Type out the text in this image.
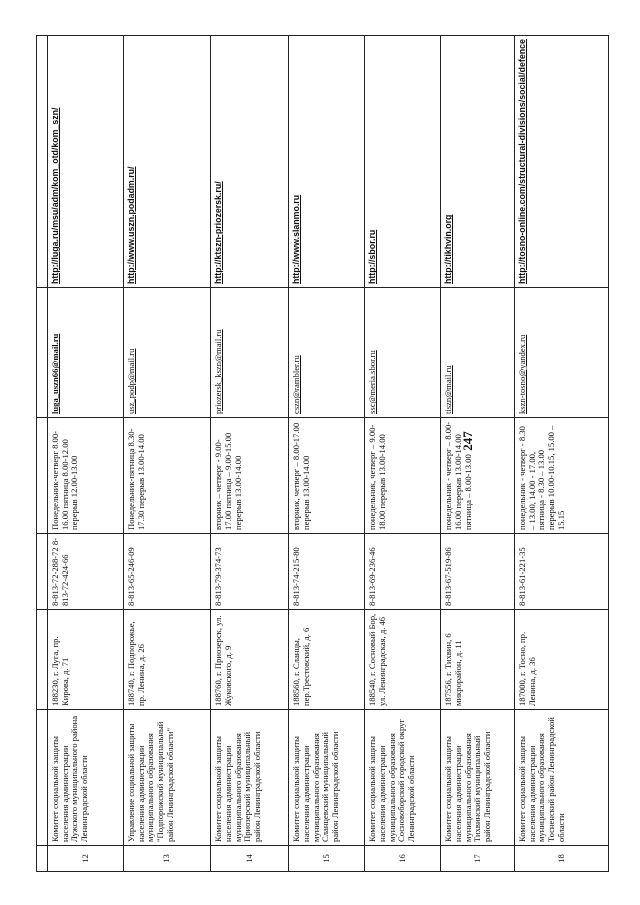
247

12	Комитет социальной защиты населения администрации Лужского муниципального района Ленинградской области	188230, г. Луга, пр. Кирова, д. 71	8-813-72-288-72 8-813-72-424-66	Понедельник-четверг 8.00-16.00 пятница 8.00-12.00 перерыв 12.00-13.00	luga_uszn66@mail.ru	http://luga.ru/msu/adm/kom_otd/kom_szn/
13	Управление социальной защиты населения администрации муниципального образования "Подпорожский муниципальный район Ленинградской области"	188740, г. Подпорожье, пр. Ленина, д. 26	8-813-65-246-09	Понедельник-пятница 8.30-17.30 перерыв 13.00-14.00	usz_podp@mail.ru	http://www.uszn.podadm.ru/
14	Комитет социальной защиты населения администрации муниципального образования Приозерский муниципальный район Ленинградской области	188760, г. Приозерск, ул. Жуковского, д. 9	8-813-79-374-73	вторник – четверг - 9.00-17.00 пятница – 9.00-15.00 перерыв 13.00-14.00	priozersk_kszn@mail.ru	http://ktszn-priozersk.ru/
15	Комитет социальной защиты населения администрации муниципального образования Сланцевский муниципальный район Ленинградской области	188560, г. Сланцы, пер.Трестовский, д. 6	8-813-74-215-80	вторник, четверг – 8.00-17.00 перерыв 13.00-14.00	cszn@rambler.ru	http://www.slanmo.ru
16	Комитет социальной защиты населения администрации муниципального образования Сосновоборский городской округ Ленинградской области	188540, г. Сосновый Бор, ул. Ленинградская, д. 46	8-813-69-236-46	понедельник, четверг – 9.00-18.00 перерыв 13.00-14.00	ssc@meria.sbor.ru	http://sbor.ru
17	Комитет социальной защиты населения администрации муниципального образования Тихвинский муниципальный район Ленинградской области	187556, г. Тихвин, 6 микрорайон, д. 11	8-813-67-519-86	понедельник - четверг – 8.00-16.00 перерыв 13.00-14.00 пятница – 8.00-13.00	tiszn@mail.ru	http://tikhvin.org
18	Комитет социальной защиты населения администрации муниципального образования Тосненский район Ленинградской области	187000, г. Тосно, пр. Ленина, д. 36	8-813-61-221-35	понедельник - четверг - 8.30 – 13.00, 14.00 - 17.00, пятница - 8.30 – 13.00 перерыв 10.00-10.15, 15.00 – 15.15	kszn-tosno@yandex.ru	http://tosno-online.com/structural-divisions/social/defence
